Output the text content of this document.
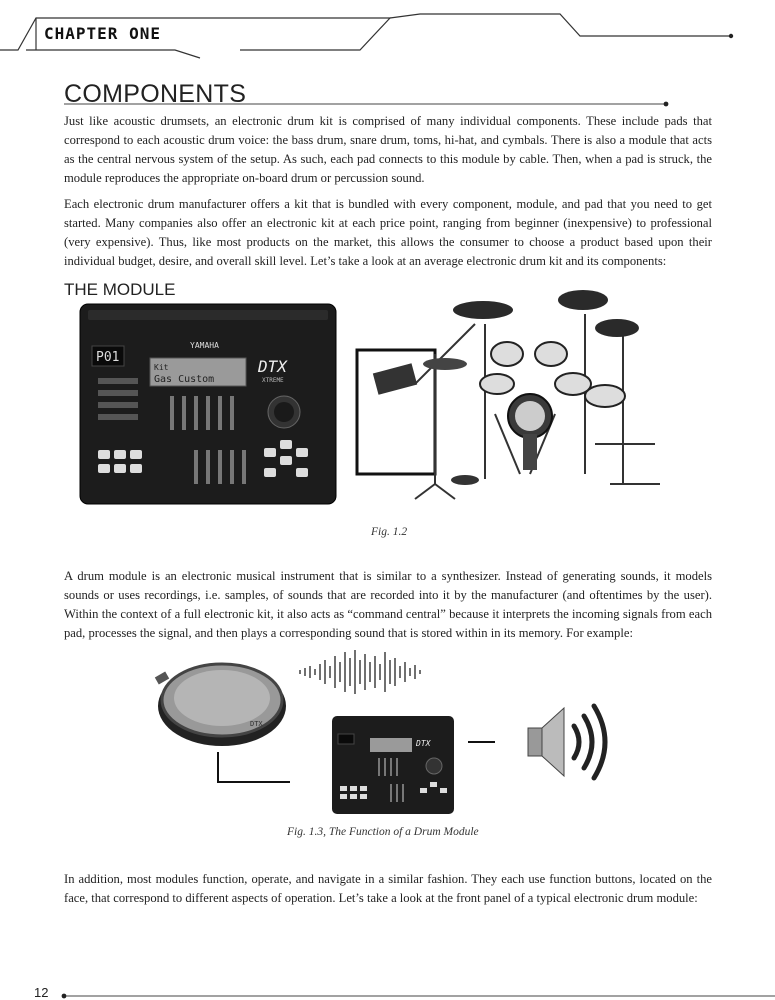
CHAPTER ONE
COMPONENTS

Just like acoustic drumsets, an electronic drum kit is comprised of many individual components. These include pads that correspond to each acoustic drum voice: the bass drum, snare drum, toms, hi-hat, and cymbals. There is also a module that acts as the central nervous system of the setup. As such, each pad connects to this module by cable. Then, when a pad is struck, the module reproduces the appropriate on-board drum or percussion sound.

Each electronic drum manufacturer offers a kit that is bundled with every component, module, and pad that you need to get started. Many companies also offer an electronic kit at each price point, ranging from beginner (inexpensive) to professional (very expensive). Thus, like most products on the market, this allows the consumer to choose a product based upon their individual budget, desire, and overall skill level. Let’s take a look at an average electronic drum kit and its components:

THE MODULE
P01
YAMAHA
Kit
Gas Custom
DTX
XTREME
Fig. 1.2

A drum module is an electronic musical instrument that is similar to a synthesizer. Instead of generating sounds, it models sounds or uses recordings, i.e. samples, of sounds that are recorded into it by the manufacturer (and oftentimes by the user). Within the context of a full electronic kit, it also acts as “command central” because it interprets the incoming signals from each pad, processes the signal, and then plays a corresponding sound that is stored within in its memory. For example:

DTX
DTX
Fig. 1.3, The Function of a Drum Module

In addition, most modules function, operate, and navigate in a similar fashion. They each use function buttons, located on the face, that correspond to different aspects of operation. Let’s take a look at the front panel of a typical electronic drum module:

12
